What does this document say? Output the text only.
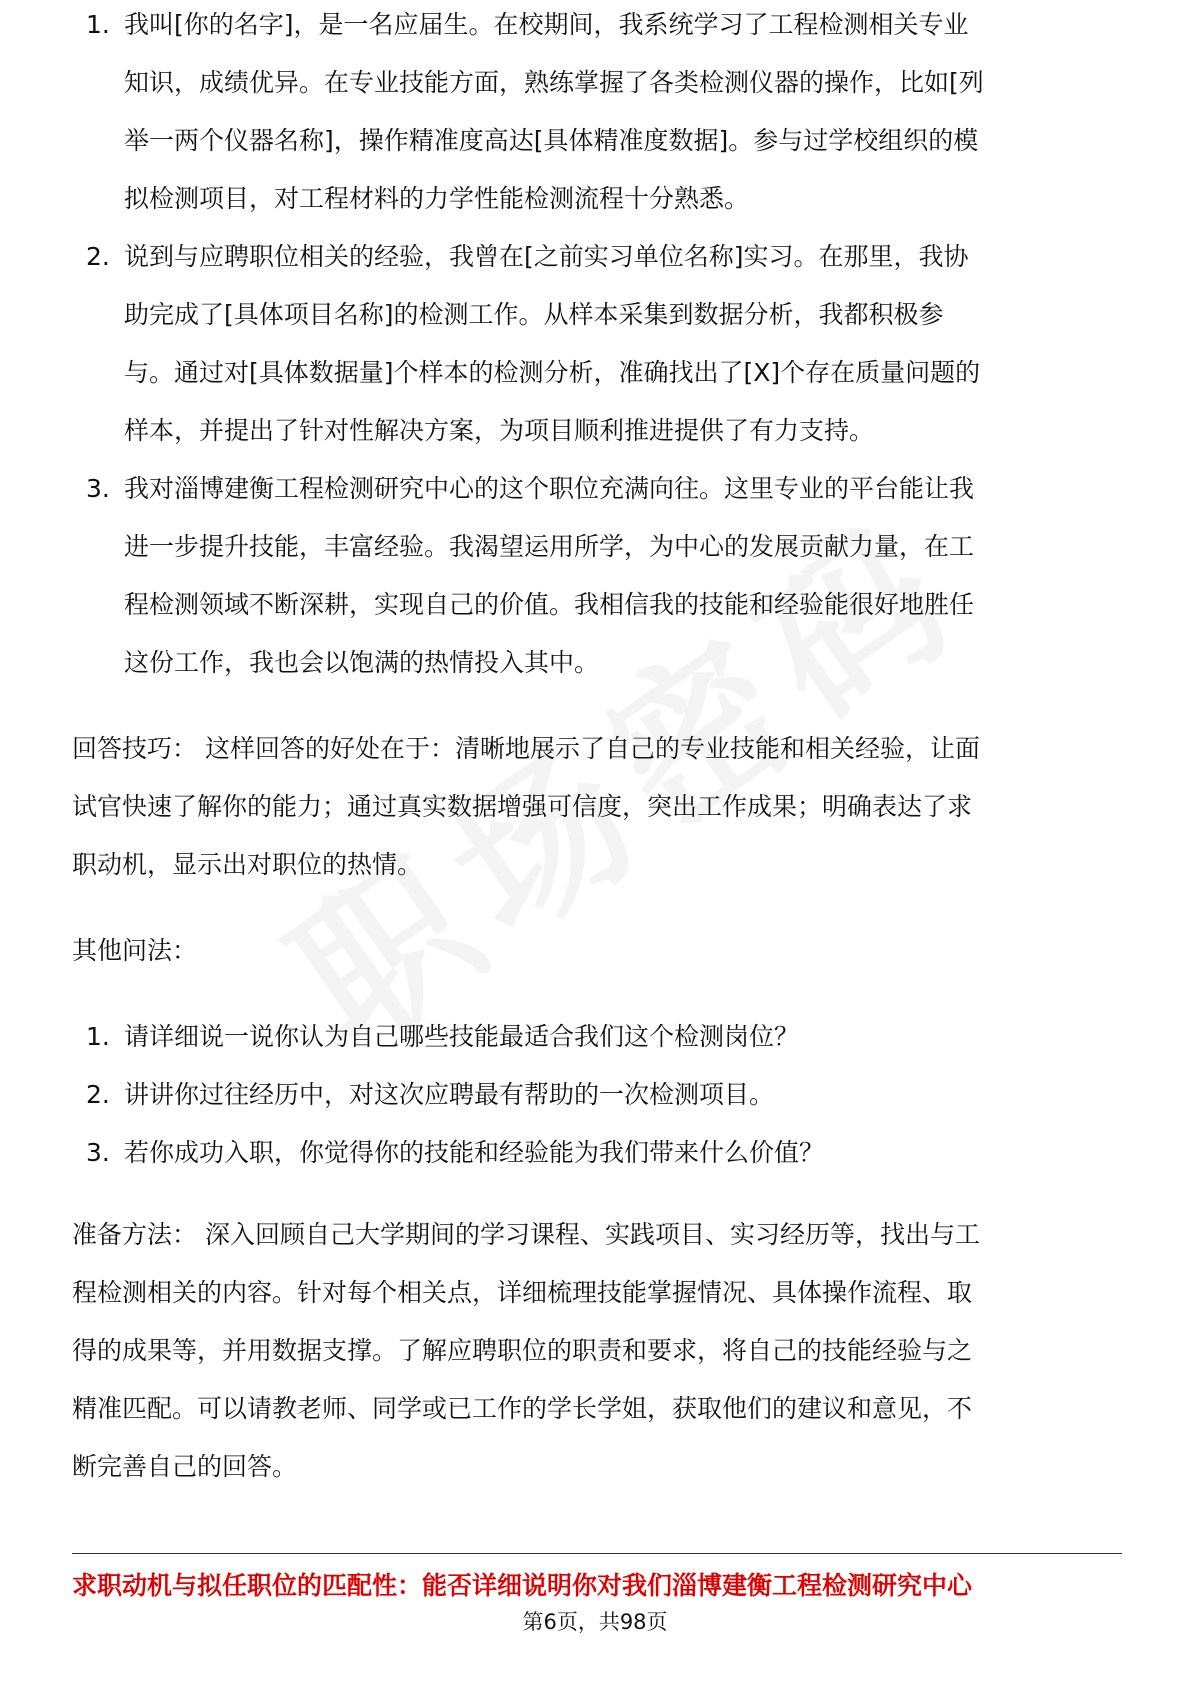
1. 我叫[你的名字]，是一名应届生。在校期间，我系统学习了工程检测相关专业
知识，成绩优异。在专业技能方面，熟练掌握了各类检测仪器的操作，比如[列
举一两个仪器名称]，操作精准度高达[具体精准度数据]。参与过学校组织的模
拟检测项目，对工程材料的力学性能检测流程十分熟悉。
2. 说到与应聘职位相关的经验，我曾在[之前实习单位名称]实习。在那里，我协
助完成了[具体项目名称]的检测工作。从样本采集到数据分析，我都积极参
与。通过对[具体数据量]个样本的检测分析，准确找出了[X]个存在质量问题的
样本，并提出了针对性解决方案，为项目顺利推进提供了有力支持。
3. 我对淄博建衡工程检测研究中心的这个职位充满向往。这里专业的平台能让我
进一步提升技能，丰富经验。我渴望运用所学，为中心的发展贡献力量，在工
程检测领域不断深耕，实现自己的价值。我相信我的技能和经验能很好地胜任
这份工作，我也会以饱满的热情投入其中。

回答技巧： 这样回答的好处在于：清晰地展示了自己的专业技能和相关经验，让面

试官快速了解你的能力；通过真实数据增强可信度，突出工作成果；明确表达了求

职动机，显示出对职位的热情。

其他问法：

1. 请详细说一说你认为自己哪些技能最适合我们这个检测岗位？
2. 讲讲你过往经历中，对这次应聘最有帮助的一次检测项目。
3. 若你成功入职，你觉得你的技能和经验能为我们带来什么价值？

准备方法： 深入回顾自己大学期间的学习课程、实践项目、实习经历等，找出与工

程检测相关的内容。针对每个相关点，详细梳理技能掌握情况、具体操作流程、取

得的成果等，并用数据支撑。了解应聘职位的职责和要求，将自己的技能经验与之

精准匹配。可以请教老师、同学或已工作的学长学姐，获取他们的建议和意见，不

断完善自己的回答。

求职动机与拟任职位的匹配性：能否详细说明你对我们淄博建衡工程检测研究中心
第6页，共98页
